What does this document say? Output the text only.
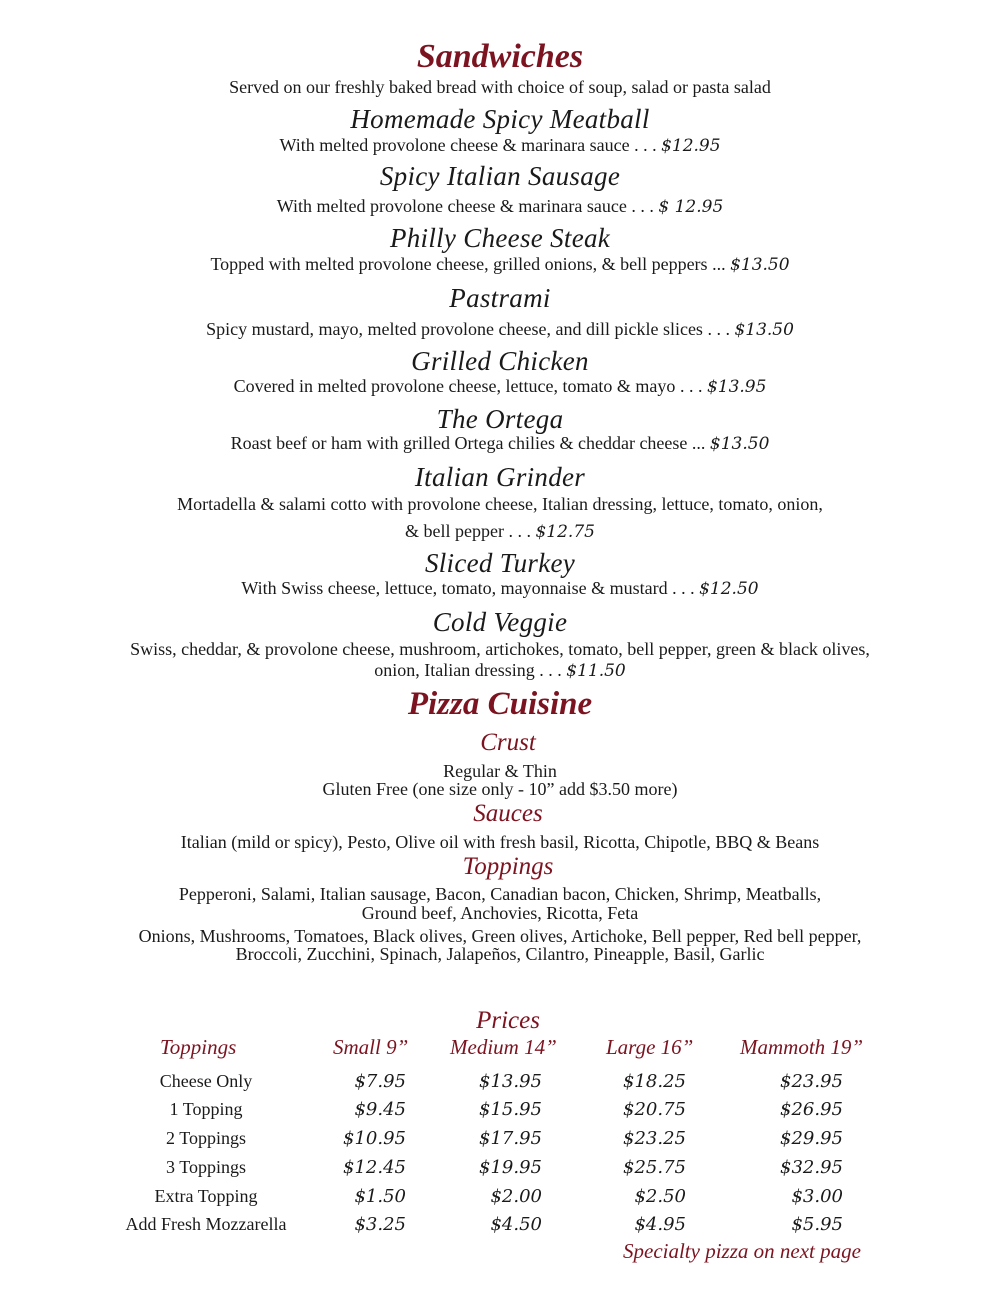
Sandwiches
Served on our freshly baked bread with choice of soup, salad or pasta salad
Homemade Spicy Meatball
With melted provolone cheese & marinara sauce . . . $12.95
Spicy Italian Sausage
With melted provolone cheese & marinara sauce . . . $ 12.95
Philly Cheese Steak
Topped with melted provolone cheese, grilled onions, & bell peppers ... $13.50
Pastrami
Spicy mustard, mayo, melted provolone cheese, and dill pickle slices . . . $13.50
Grilled Chicken
Covered in melted provolone cheese, lettuce, tomato & mayo . . . $13.95
The Ortega
Roast beef or ham with grilled Ortega chilies & cheddar cheese ... $13.50
Italian Grinder
Mortadella & salami cotto with provolone cheese, Italian dressing, lettuce, tomato, onion,
& bell pepper . . . $12.75
Sliced Turkey
With Swiss cheese, lettuce, tomato, mayonnaise & mustard . . . $12.50
Cold Veggie
Swiss, cheddar, & provolone cheese, mushroom, artichokes, tomato, bell pepper, green & black olives,
onion, Italian dressing . . . $11.50
Pizza Cuisine
Crust
Regular & Thin
Gluten Free (one size only - 10” add $3.50 more)
Sauces
Italian (mild or spicy), Pesto, Olive oil with fresh basil, Ricotta, Chipotle, BBQ & Beans
Toppings
Pepperoni, Salami, Italian sausage, Bacon, Canadian bacon, Chicken, Shrimp, Meatballs,
Ground beef, Anchovies, Ricotta, Feta
Onions, Mushrooms, Tomatoes, Black olives, Green olives, Artichoke, Bell pepper, Red bell pepper,
Broccoli, Zucchini, Spinach, Jalapeños, Cilantro, Pineapple, Basil, Garlic
Prices
Toppings	Small 9” Medium 14” Large 16” Mammoth 19”
Cheese Only	$7.95	$13.95	$18.25	$23.95
1 Topping	$9.45	$15.95	$20.75	$26.95
2 Toppings	$10.95	$17.95	$23.25	$29.95
3 Toppings	$12.45	$19.95	$25.75	$32.95
Extra Topping	$1.50	$2.00	$2.50	$3.00
Add Fresh Mozzarella	$3.25	$4.50	$4.95	$5.95
Specialty pizza on next page
